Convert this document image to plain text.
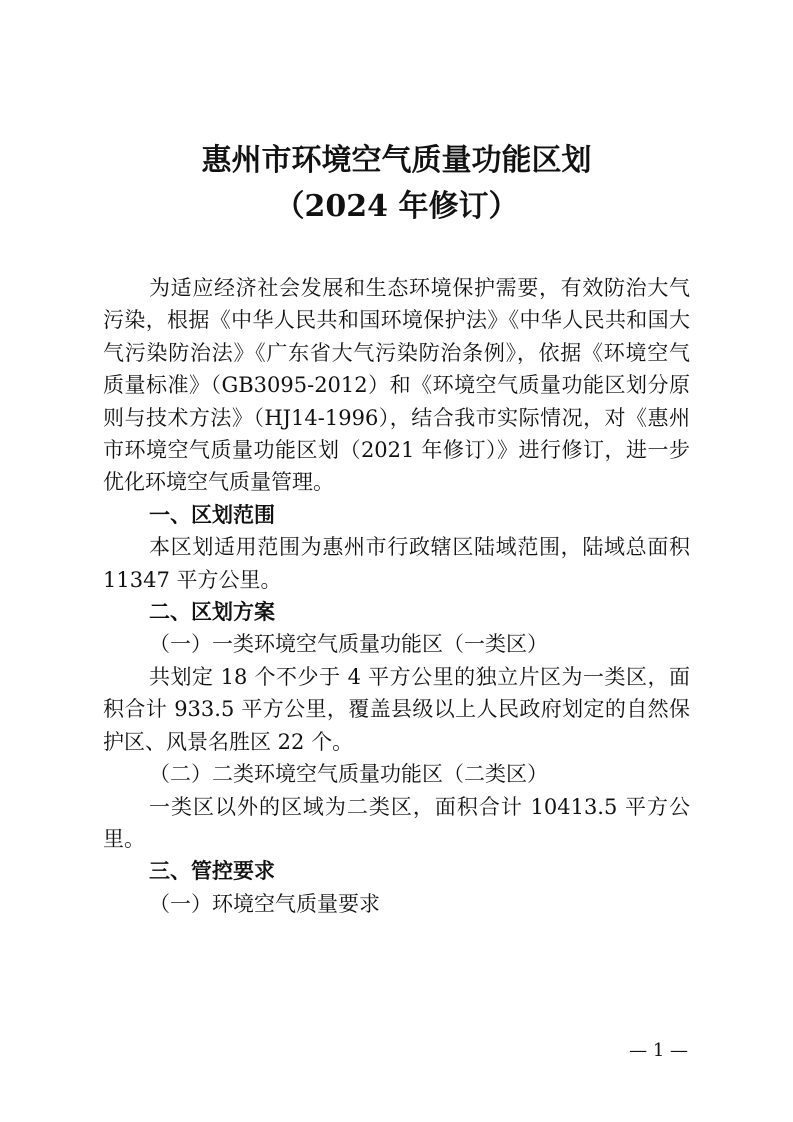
惠州市环境空气质量功能区划
（2024 年修订）

为适应经济社会发展和生态环境保护需要，有效防治大气污染，根据《中华人民共和国环境保护法》《中华人民共和国大气污染防治法》《广东省大气污染防治条例》，依据《环境空气质量标准》（GB3095-2012）和《环境空气质量功能区划分原则与技术方法》（HJ14-1996），结合我市实际情况，对《惠州市环境空气质量功能区划（2021 年修订）》进行修订，进一步优化环境空气质量管理。

一、区划范围

本区划适用范围为惠州市行政辖区陆域范围，陆域总面积 11347 平方公里。

二、区划方案

（一）一类环境空气质量功能区（一类区）

共划定 18 个不少于 4 平方公里的独立片区为一类区，面积合计 933.5 平方公里，覆盖县级以上人民政府划定的自然保护区、风景名胜区 22 个。

（二）二类环境空气质量功能区（二类区）

一类区以外的区域为二类区，面积合计 10413.5 平方公里。

三、管控要求

（一）环境空气质量要求

— 1 —
